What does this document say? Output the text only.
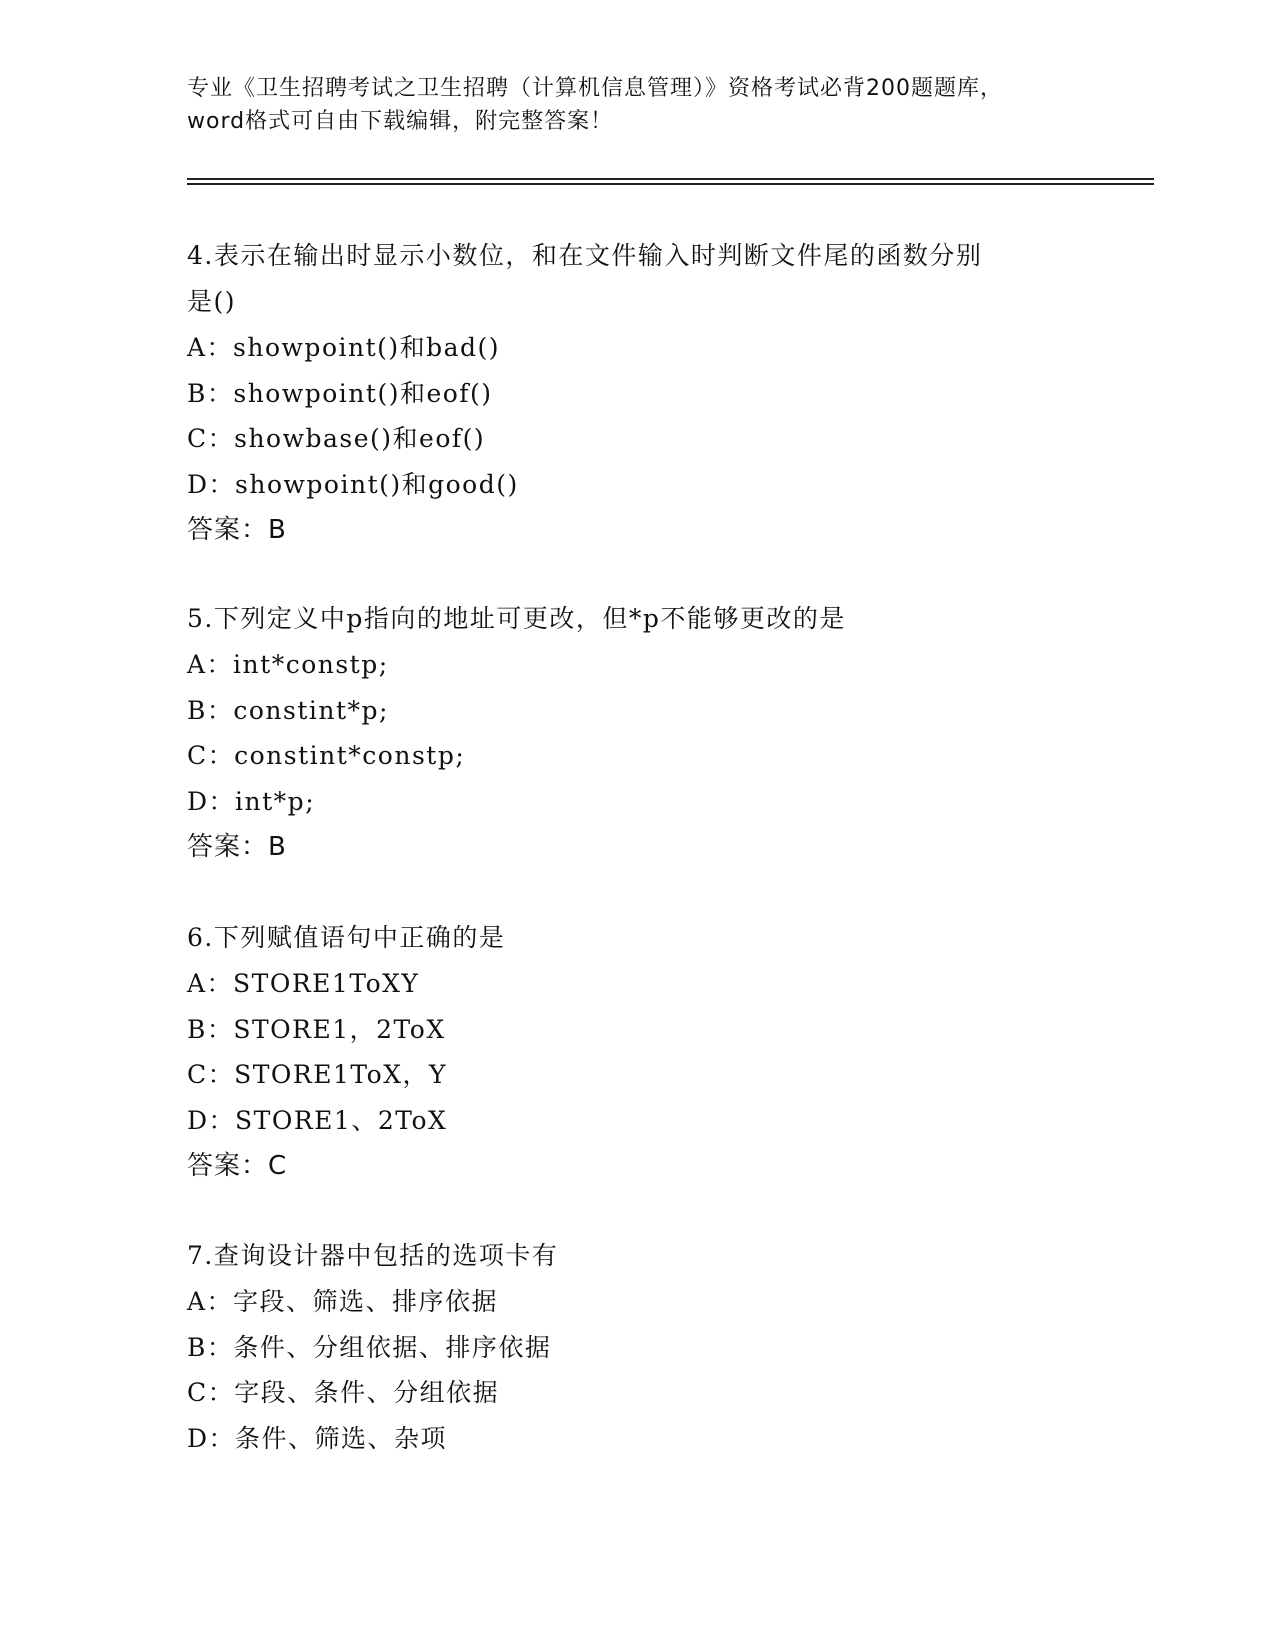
专业《卫生招聘考试之卫生招聘（计算机信息管理）》资格考试必背200题题库，
word格式可自由下载编辑，附完整答案！
4.表示在输出时显示小数位，和在文件输入时判断文件尾的函数分别
是()
A：showpoint()和bad()
B：showpoint()和eof()
C：showbase()和eof()
D：showpoint()和good()
答案：B
5.下列定义中p指向的地址可更改，但*p不能够更改的是
A：int*constp;
B：constint*p;
C：constint*constp;
D：int*p;
答案：B
6.下列赋值语句中正确的是
A：STORE1ToXY
B：STORE1，2ToX
C：STORE1ToX，Y
D：STORE1、2ToX
答案：C
7.查询设计器中包括的选项卡有
A：字段、筛选、排序依据
B：条件、分组依据、排序依据
C：字段、条件、分组依据
D：条件、筛选、杂项
